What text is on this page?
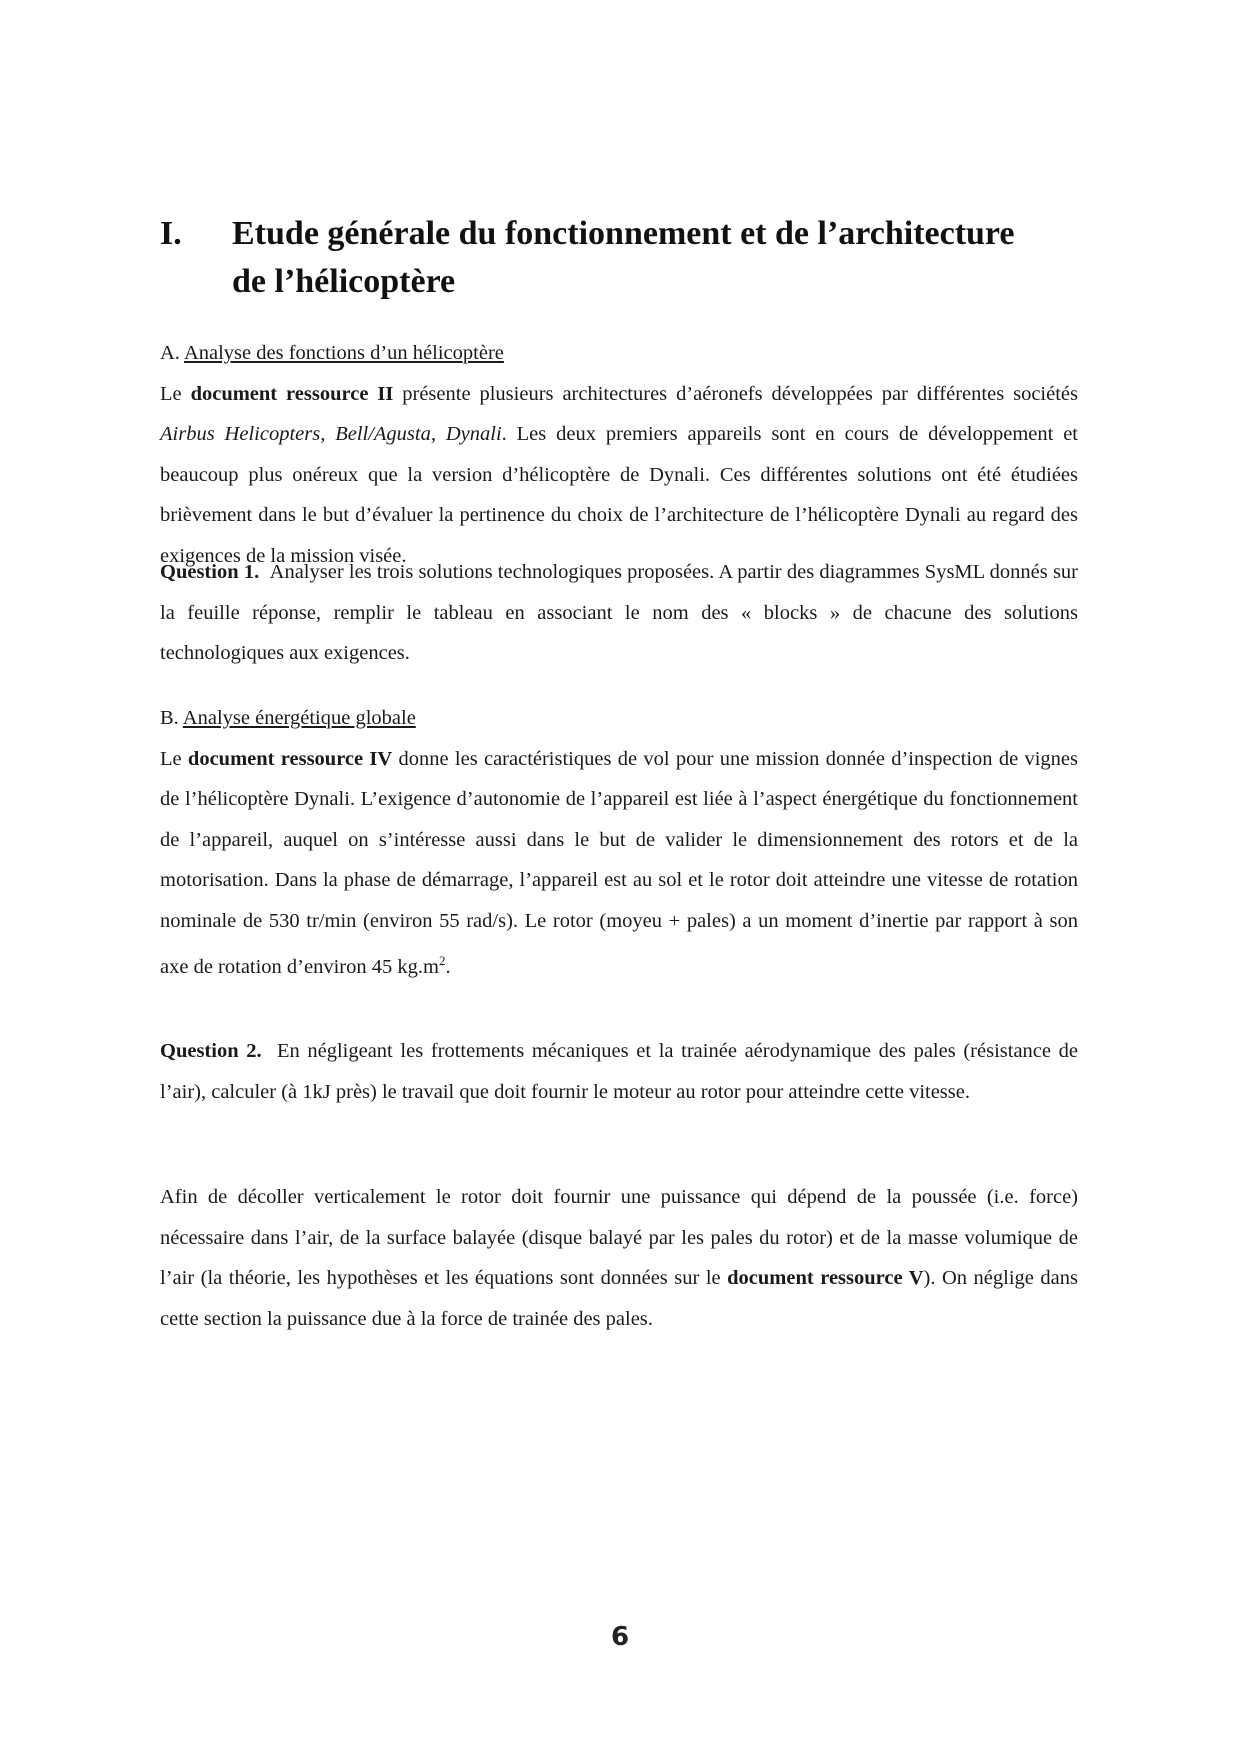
I. Etude générale du fonctionnement et de l’architecture
de l’hélicoptère
A. Analyse des fonctions d’un hélicoptère
Le document ressource II présente plusieurs architectures d’aéronefs développées par différentes sociétés Airbus Helicopters, Bell/Agusta, Dynali. Les deux premiers appareils sont en cours de développement et beaucoup plus onéreux que la version d’hélicoptère de Dynali. Ces différentes solutions ont été étudiées brièvement dans le but d’évaluer la pertinence du choix de l’architecture de l’hélicoptère Dynali au regard des exigences de la mission visée.
Question 1. Analyser les trois solutions technologiques proposées. A partir des diagrammes SysML donnés sur la feuille réponse, remplir le tableau en associant le nom des « blocks » de chacune des solutions technologiques aux exigences.
B. Analyse énergétique globale
Le document ressource IV donne les caractéristiques de vol pour une mission donnée d’inspection de vignes de l’hélicoptère Dynali. L’exigence d’autonomie de l’appareil est liée à l’aspect énergétique du fonctionnement de l’appareil, auquel on s’intéresse aussi dans le but de valider le dimensionnement des rotors et de la motorisation. Dans la phase de démarrage, l’appareil est au sol et le rotor doit atteindre une vitesse de rotation nominale de 530 tr/min (environ 55 rad/s). Le rotor (moyeu + pales) a un moment d’inertie par rapport à son axe de rotation d’environ 45 $kg.m^2$.
Question 2. En négligeant les frottements mécaniques et la trainée aérodynamique des pales (résistance de l’air), calculer (à 1kJ près) le travail que doit fournir le moteur au rotor pour atteindre cette vitesse.
Afin de décoller verticalement le rotor doit fournir une puissance qui dépend de la poussée (i.e. force) nécessaire dans l’air, de la surface balayée (disque balayé par les pales du rotor) et de la masse volumique de l’air (la théorie, les hypothèses et les équations sont données sur le document ressource V). On néglige dans cette section la puissance due à la force de trainée des pales.
6
